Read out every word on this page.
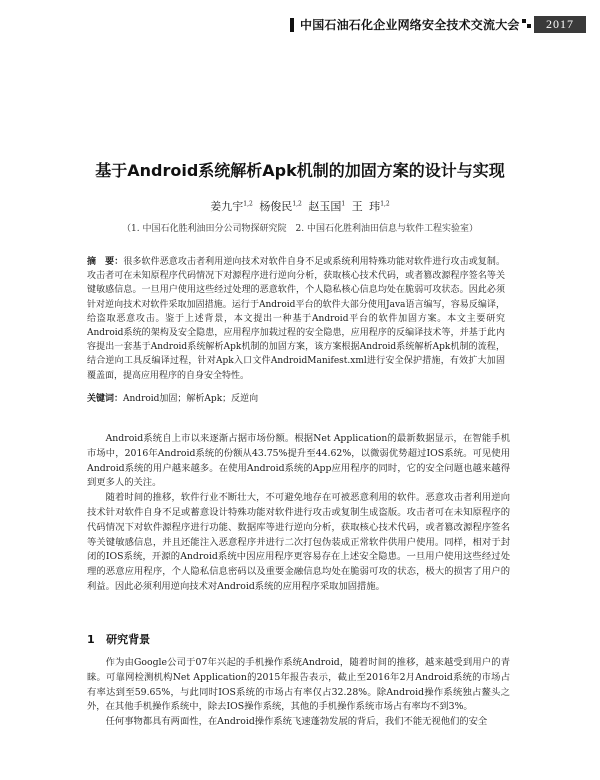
中国石油石化企业网络安全技术交流大会	2017
基于Android系统解析Apk机制的加固方案的设计与实现
姜九宇$^{1,2}$ 杨俊民$^{1,2}$ 赵玉国$^1$ 王 玮$^{1,2}$
（1. 中国石化胜利油田分公司物探研究院　2. 中国石化胜利油田信息与软件工程实验室）
摘　要：很多软件恶意攻击者利用逆向技术对软件自身不足或系统利用特殊功能对软件进行攻击或复制。攻击者可在未知原程序代码情况下对源程序进行逆向分析，获取核心技术代码，或者篡改源程序签名等关键敏感信息。一旦用户使用这些经过处理的恶意软件，个人隐私核心信息均处在脆弱可攻状态。因此必须针对逆向技术对软件采取加固措施。运行于Android平台的软件大部分使用Java语言编写，容易反编译，给盗取恶意攻击。鉴于上述背景，本文提出一种基于Android平台的软件加固方案。本文主要研究Android系统的架构及安全隐患，应用程序加载过程的安全隐患，应用程序的反编译技术等，并基于此内容提出一套基于Android系统解析Apk机制的加固方案，该方案根据Android系统解析Apk机制的流程，结合逆向工具反编译过程，针对Apk入口文件AndroidManifest.xml进行安全保护措施，有效扩大加固覆盖面，提高应用程序的自身安全特性。
关键词：Android加固；解析Apk；反逆向

Android系统自上市以来逐渐占据市场份额。根据Net Application的最新数据显示，在智能手机市场中，2016年Android系统的份额从43.75%提升至44.62%，以微弱优势超过IOS系统。可见使用Android系统的用户越来越多。在使用Android系统的App应用程序的同时，它的安全问题也越来越得到更多人的关注。

随着时间的推移，软件行业不断壮大，不可避免地存在可被恶意利用的软件。恶意攻击者利用逆向技术针对软件自身不足或蓄意设计特殊功能对软件进行攻击或复制生成盗版。攻击者可在未知原程序的代码情况下对软件源程序进行功能、数据库等进行逆向分析，获取核心技术代码，或者篡改源程序签名等关键敏感信息，并且还能注入恶意程序并进行二次打包伪装成正常软件供用户使用。同样，相对于封闭的IOS系统，开源的Android系统中因应用程序更容易存在上述安全隐患。一旦用户使用这些经过处理的恶意应用程序，个人隐私信息密码以及重要金融信息均处在脆弱可攻的状态，极大的损害了用户的利益。因此必须利用逆向技术对Android系统的应用程序采取加固措施。

1 研究背景

作为由Google公司于07年兴起的手机操作系统Android，随着时间的推移，越来越受到用户的青睐。可靠网检测机构Net Application的2015年报告表示，截止至2016年2月Android系统的市场占有率达到至59.65%，与此同时IOS系统的市场占有率仅占32.28%。除Android操作系统独占鳌头之外，在其他手机操作系统中，除去IOS操作系统，其他的手机操作系统市场占有率均不到3%。

任何事物都具有两面性，在Android操作系统飞速蓬勃发展的背后，我们不能无视他们的安全
